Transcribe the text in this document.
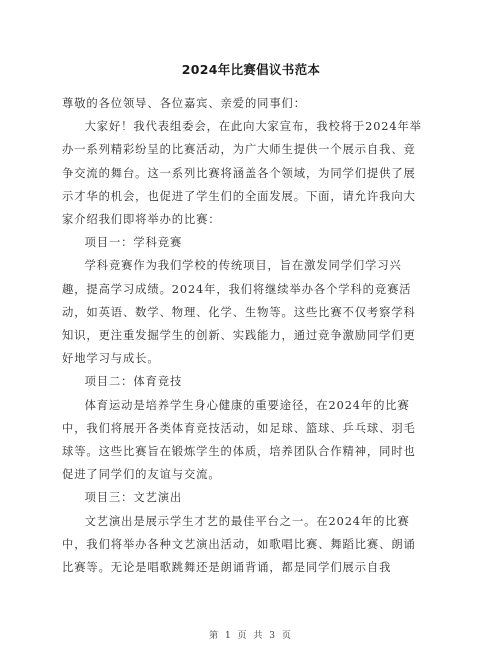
2024年比赛倡议书范本

尊敬的各位领导、各位嘉宾、亲爱的同事们：

大家好！我代表组委会，在此向大家宣布，我校将于2024年举办一系列精彩纷呈的比赛活动，为广大师生提供一个展示自我、竞争交流的舞台。这一系列比赛将涵盖各个领域，为同学们提供了展示才华的机会，也促进了学生们的全面发展。下面，请允许我向大家介绍我们即将举办的比赛：

项目一：学科竞赛

学科竞赛作为我们学校的传统项目，旨在激发同学们学习兴趣，提高学习成绩。2024年，我们将继续举办各个学科的竞赛活动，如英语、数学、物理、化学、生物等。这些比赛不仅考察学科知识，更注重发掘学生的创新、实践能力，通过竞争激励同学们更好地学习与成长。

项目二：体育竞技

体育运动是培养学生身心健康的重要途径，在2024年的比赛中，我们将展开各类体育竞技活动，如足球、篮球、乒乓球、羽毛球等。这些比赛旨在锻炼学生的体质，培养团队合作精神，同时也促进了同学们的友谊与交流。

项目三：文艺演出

文艺演出是展示学生才艺的最佳平台之一。在2024年的比赛中，我们将举办各种文艺演出活动，如歌唱比赛、舞蹈比赛、朗诵比赛等。无论是唱歌跳舞还是朗诵背诵，都是同学们展示自我

第 1 页 共 3 页
